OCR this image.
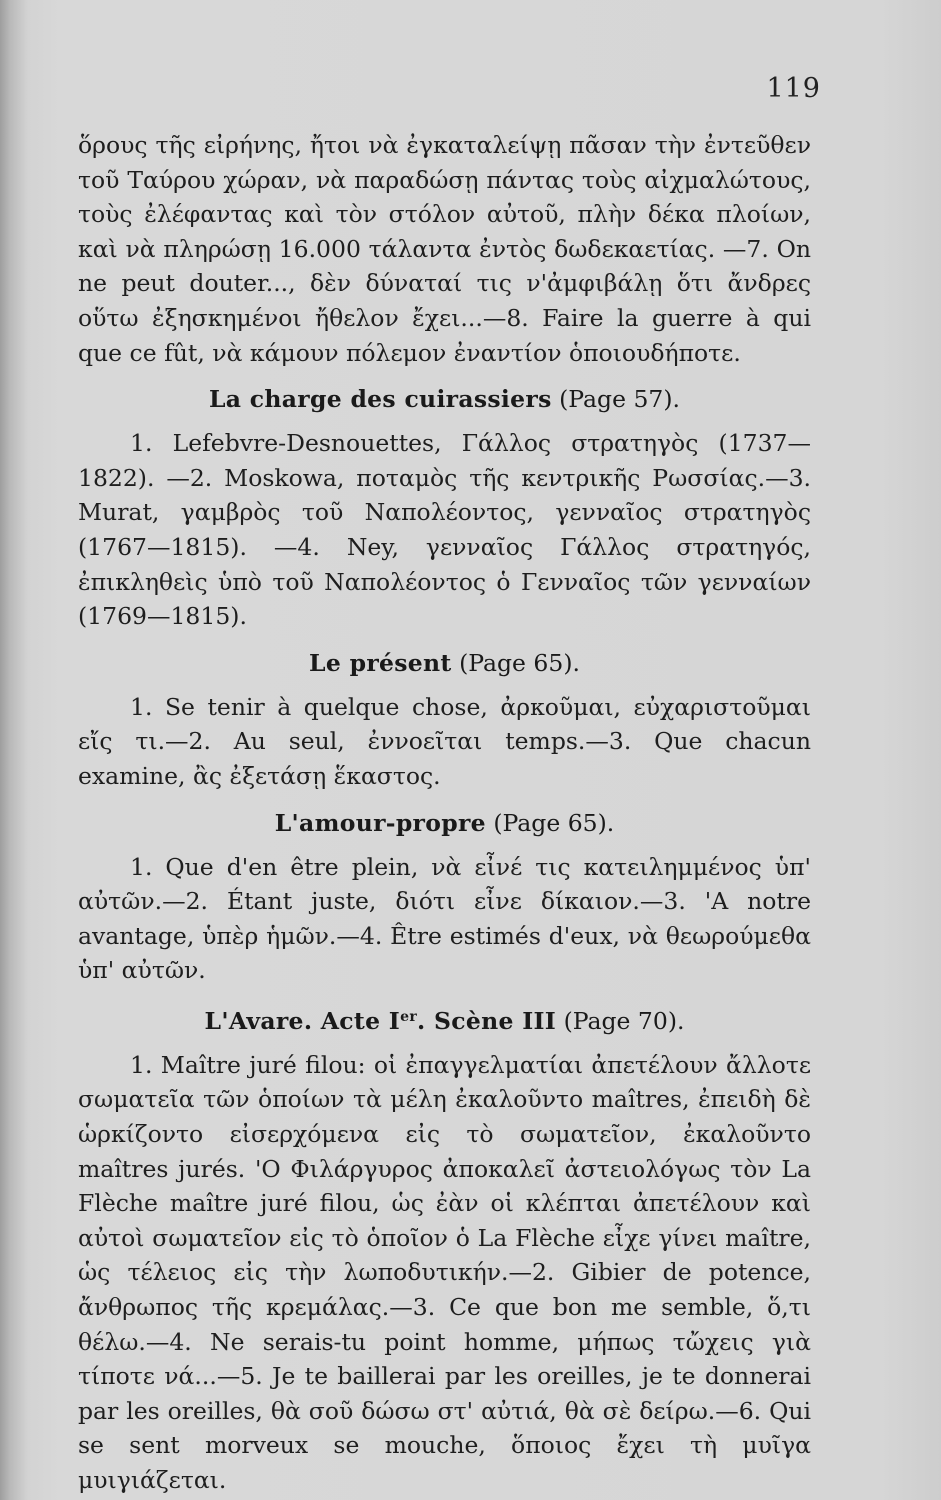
119

ὅρους τῆς εἰρήνης, ἤτοι νὰ ἐγκαταλείψῃ πᾶσαν τὴν ἐντεῦθεν τοῦ Ταύρου χώραν, νὰ παραδώσῃ πάντας τοὺς αἰχμαλώτους, τοὺς ἐλέφαντας καὶ τὸν στόλον αὐτοῦ, πλὴν δέκα πλοίων, καὶ νὰ πληρώσῃ 16.000 τάλαντα ἐντὸς δωδεκαετίας. —7. On ne peut douter..., δὲν δύναταί τις ν'ἀμφιβάλῃ ὅτι ἄνδρες οὕτω ἐξησκημένοι ἤθελον ἔχει...—8. Faire la guerre à qui que ce fût, νὰ κάμουν πόλεμον ἐναντίον ὁποιουδήποτε.

La charge des cuirassiers (Page 57).

1. Lefebvre-Desnouettes, Γάλλος στρατηγὸς (1737—1822). —2. Moskowa, ποταμὸς τῆς κεντρικῆς Ρωσσίας.—3. Murat, γαμβρὸς τοῦ Ναπολέοντος, γενναῖος στρατηγὸς (1767—1815). —4. Ney, γενναῖος Γάλλος στρατηγός, ἐπικληθεὶς ὑπὸ τοῦ Ναπολέοντος ὁ Γενναῖος τῶν γενναίων (1769—1815).

Le présent (Page 65).

1. Se tenir à quelque chose, ἀρκοῦμαι, εὐχαριστοῦμαι εἴς τι.—2. Au seul, ἐννοεῖται temps.—3. Que chacun examine, ἂς ἐξετάσῃ ἕκαστος.

L'amour-propre (Page 65).

1. Que d'en être plein, νὰ εἶνέ τις κατειλημμένος ὑπ' αὐτῶν.—2. Étant juste, διότι εἶνε δίκαιον.—3. 'A notre avantage, ὑπὲρ ἡμῶν.—4. Être estimés d'eux, νὰ θεωρούμεθα ὑπ' αὐτῶν.

L'Avare. Acte Ier. Scène III (Page 70).

1. Maître juré filou: οἱ ἐπαγγελματίαι ἀπετέλουν ἄλλοτε σωματεῖα τῶν ὁποίων τὰ μέλη ἐκαλοῦντο maîtres, ἐπειδὴ δὲ ὡρκίζοντο εἰσερχόμενα εἰς τὸ σωματεῖον, ἐκαλοῦντο maîtres jurés. 'Ο Φιλάργυρος ἀποκαλεῖ ἀστειολόγως τὸν La Flèche maître juré filou, ὡς ἐὰν οἱ κλέπται ἀπετέλουν καὶ αὐτοὶ σωματεῖον εἰς τὸ ὁποῖον ὁ La Flèche εἶχε γίνει maître, ὡς τέλειος εἰς τὴν λωποδυτικήν.—2. Gibier de potence, ἄνθρωπος τῆς κρεμάλας.—3. Ce que bon me semble, ὅ,τι θέλω.—4. Ne serais-tu point homme, μήπως τὤχεις γιὰ τίποτε νά...—5. Je te baillerai par les oreilles, je te donnerai par les oreilles, θὰ σοῦ δώσω στ' αὐτιά, θὰ σὲ δείρω.—6. Qui se sent morveux se mouche, ὅποιος ἔχει τὴ μυῖγα μυιγιάζεται.
